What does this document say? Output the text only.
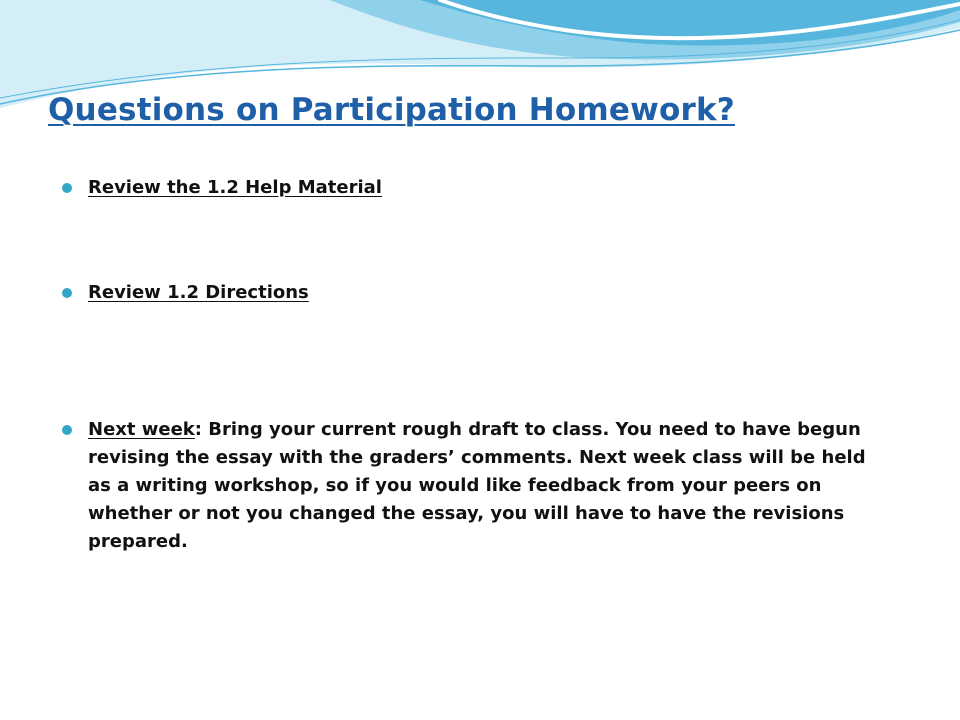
Questions on Participation Homework?

Review the 1.2 Help Material

Review 1.2 Directions

Next week: Bring your current rough draft to class. You need to have begun revising the essay with the graders’ comments. Next week class will be held as a writing workshop, so if you would like feedback from your peers on whether or not you changed the essay, you will have to have the revisions prepared.
